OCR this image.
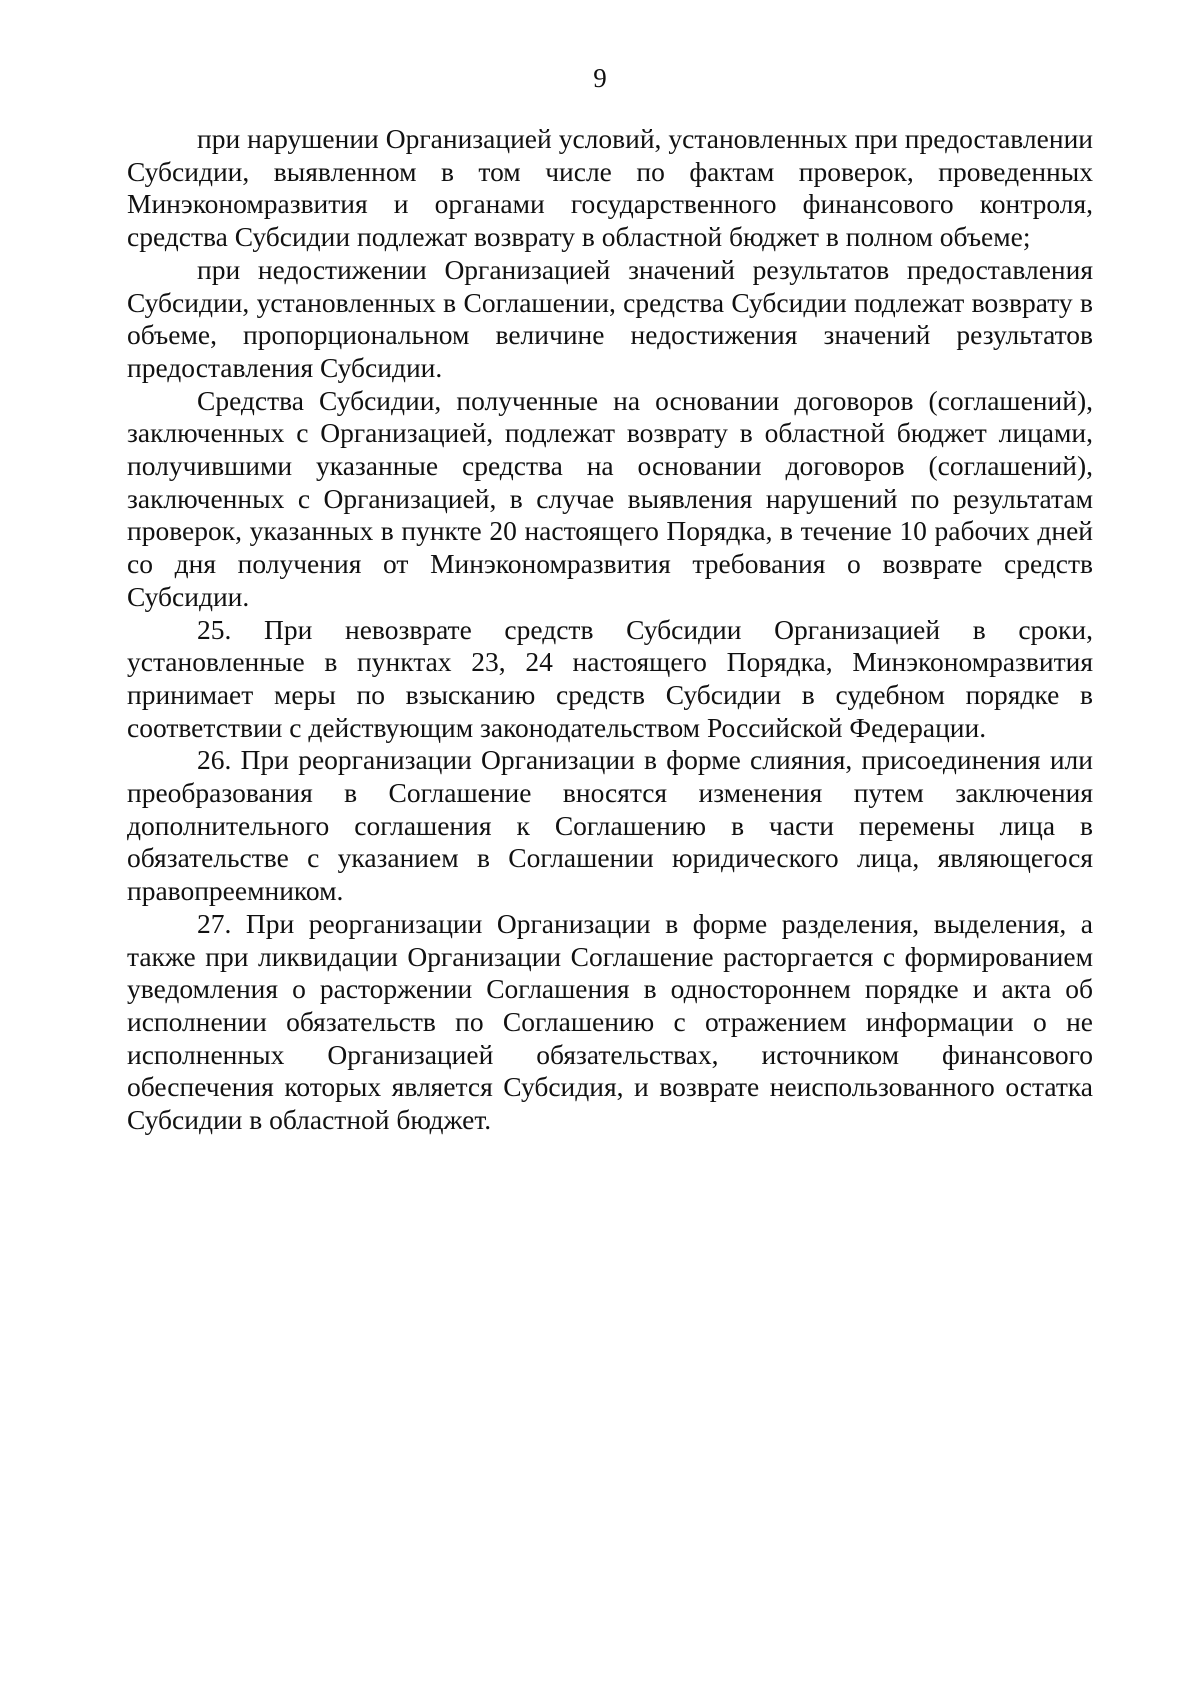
9

при нарушении Организацией условий, установленных при предоставлении Субсидии, выявленном в том числе по фактам проверок, проведенных Минэкономразвития и органами государственного финансового контроля, средства Субсидии подлежат возврату в областной бюджет в полном объеме;

при недостижении Организацией значений результатов предоставления Субсидии, установленных в Соглашении, средства Субсидии подлежат возврату в объеме, пропорциональном величине недостижения значений результатов предоставления Субсидии.

Средства Субсидии, полученные на основании договоров (соглашений), заключенных с Организацией, подлежат возврату в областной бюджет лицами, получившими указанные средства на основании договоров (соглашений), заключенных с Организацией, в случае выявления нарушений по результатам проверок, указанных в пункте 20 настоящего Порядка, в течение 10 рабочих дней со дня получения от Минэкономразвития требования о возврате средств Субсидии.

25. При невозврате средств Субсидии Организацией в сроки, установленные в пунктах 23, 24 настоящего Порядка, Минэкономразвития принимает меры по взысканию средств Субсидии в судебном порядке в соответствии с действующим законодательством Российской Федерации.

26. При реорганизации Организации в форме слияния, присоединения или преобразования в Соглашение вносятся изменения путем заключения дополнительного соглашения к Соглашению в части перемены лица в обязательстве с указанием в Соглашении юридического лица, являющегося правопреемником.

27. При реорганизации Организации в форме разделения, выделения, а также при ликвидации Организации Соглашение расторгается с формированием уведомления о расторжении Соглашения в одностороннем порядке и акта об исполнении обязательств по Соглашению с отражением информации о не исполненных Организацией обязательствах, источником финансового обеспечения которых является Субсидия, и возврате неиспользованного остатка Субсидии в областной бюджет.
